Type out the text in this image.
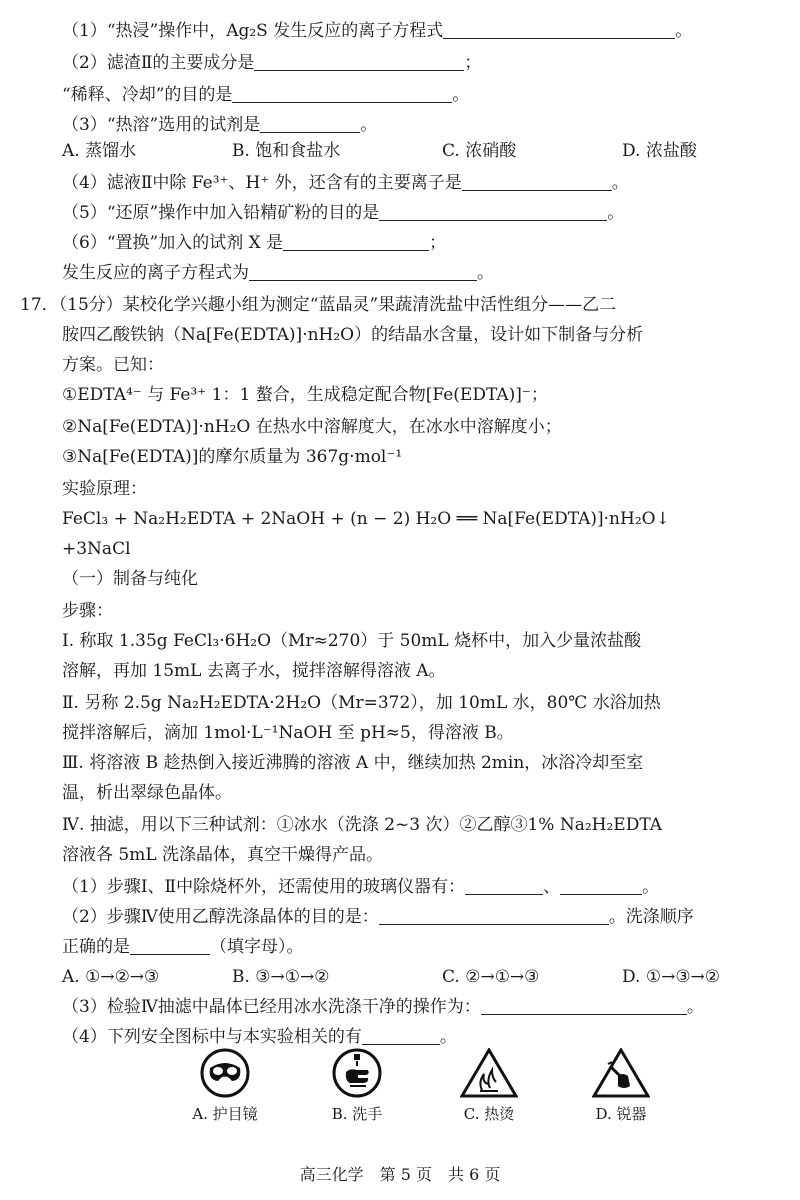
（1）“热浸”操作中，Ag₂S 发生反应的离子方程式	。
（2）滤渣Ⅱ的主要成分是	；
“稀释、冷却”的目的是	。
（3）“热溶”选用的试剂是	。
A. 蒸馏水	B. 饱和食盐水	C. 浓硝酸	D. 浓盐酸
（4）滤液Ⅱ中除 Fe³⁺、H⁺ 外，还含有的主要离子是	。
（5）“还原”操作中加入铅精矿粉的目的是	。
（6）“置换”加入的试剂 X 是	；
发生反应的离子方程式为	。
17．（15分）某校化学兴趣小组为测定“蓝晶灵”果蔬清洗盐中活性组分——乙二
胺四乙酸铁钠（Na[Fe(EDTA)]·nH₂O）的结晶水含量，设计如下制备与分析
方案。已知：
①EDTA⁴⁻ 与 Fe³⁺ 1：1 螯合，生成稳定配合物[Fe(EDTA)]⁻；
②Na[Fe(EDTA)]·nH₂O 在热水中溶解度大，在冰水中溶解度小；
③Na[Fe(EDTA)]的摩尔质量为 367g·mol⁻¹
实验原理：
FeCl₃ + Na₂H₂EDTA + 2NaOH + (n − 2) H₂O ══ Na[Fe(EDTA)]·nH₂O↓
+3NaCl
（一）制备与纯化
步骤：
Ⅰ. 称取 1.35g FeCl₃·6H₂O（Mr≈270）于 50mL 烧杯中，加入少量浓盐酸
溶解，再加 15mL 去离子水，搅拌溶解得溶液 A。
Ⅱ. 另称 2.5g Na₂H₂EDTA·2H₂O（Mr=372），加 10mL 水，80℃ 水浴加热
搅拌溶解后，滴加 1mol·L⁻¹NaOH 至 pH≈5，得溶液 B。
Ⅲ. 将溶液 B 趁热倒入接近沸腾的溶液 A 中，继续加热 2min，冰浴冷却至室
温，析出翠绿色晶体。
Ⅳ. 抽滤，用以下三种试剂：①冰水（洗涤 2~3 次）②乙醇③1% Na₂H₂EDTA
溶液各 5mL 洗涤晶体，真空干燥得产品。
（1）步骤Ⅰ、Ⅱ中除烧杯外，还需使用的玻璃仪器有：	、	。
（2）步骤Ⅳ使用乙醇洗涤晶体的目的是：	。洗涤顺序
正确的是	（填字母）。
A. ①→②→③	B. ③→①→②	C. ②→①→③	D. ①→③→②
（3）检验Ⅳ抽滤中晶体已经用冰水洗涤干净的操作为：	。
（4）下列安全图标中与本实验相关的有	。
A. 护目镜	B. 洗手	C. 热烫	D. 锐器
高三化学　第 5 页　共 6 页
